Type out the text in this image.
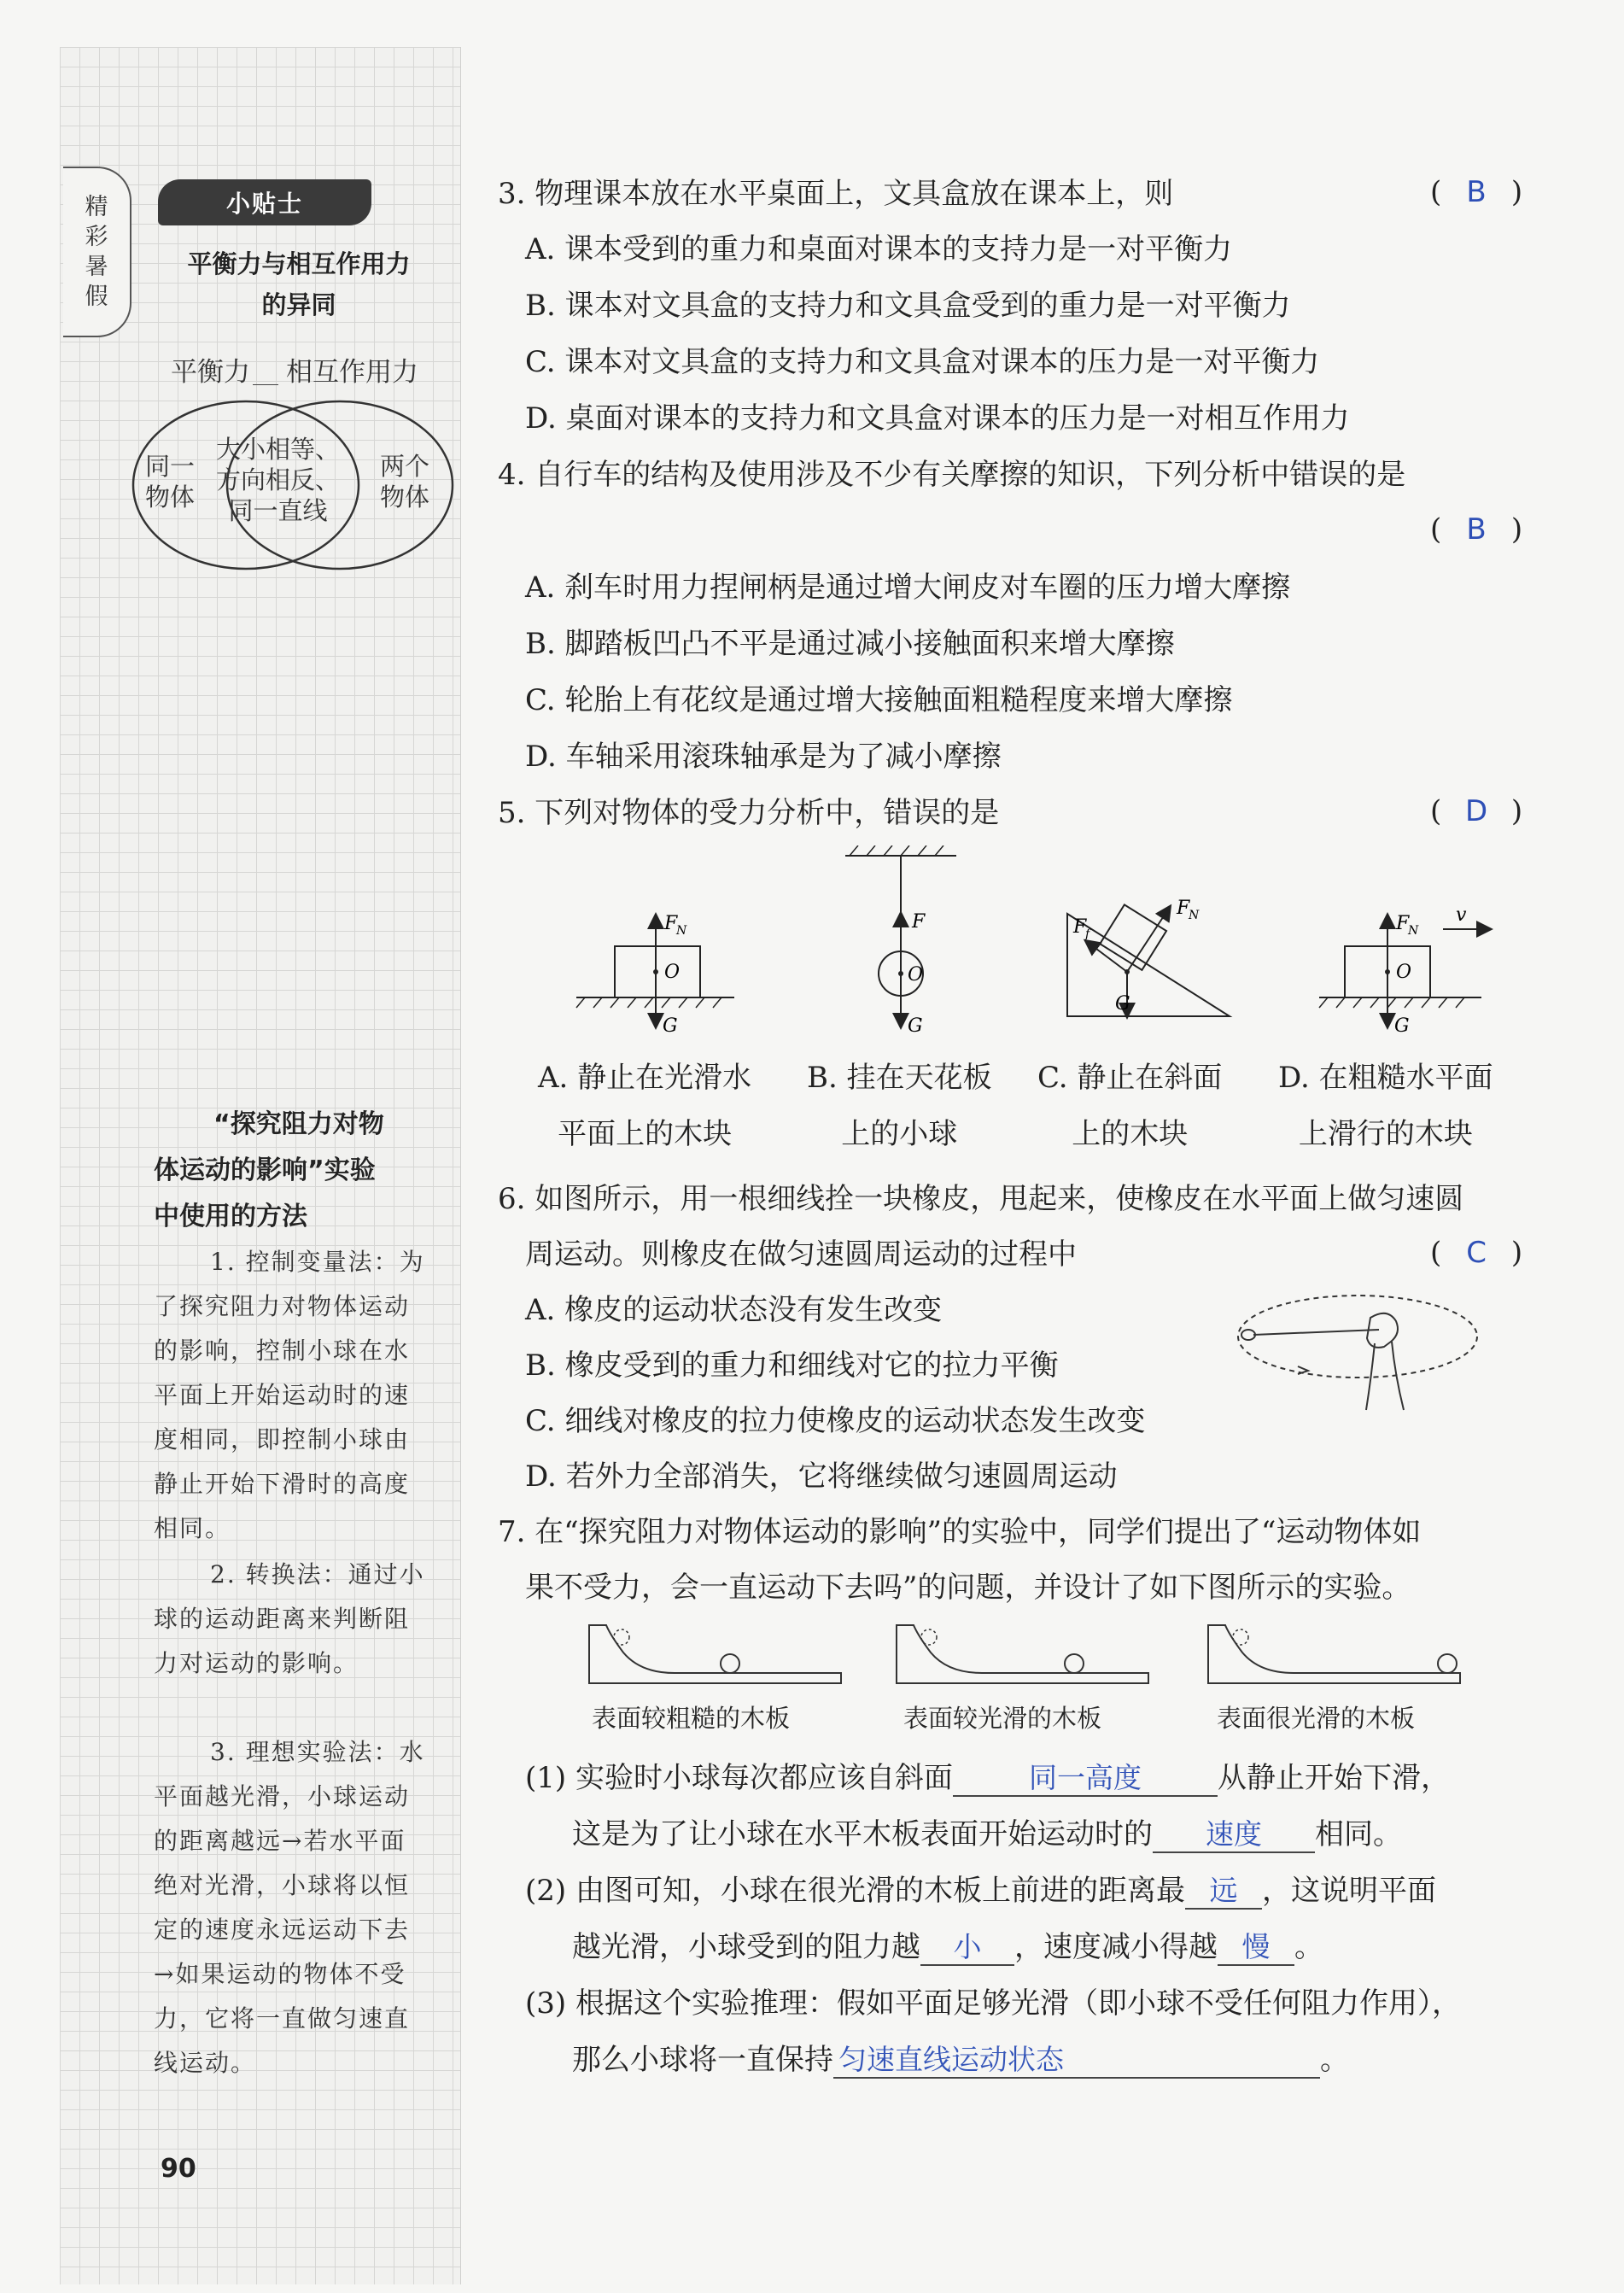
精
彩
暑
假
小贴士
平衡力与相互作用力
的异同
平衡力 相互作用力
同一
物体
大小相等、
方向相反、
同一直线
两个
物体
“探究阻力对物
体运动的影响”实验
中使用的方法
1. 控制变量法：为了探究阻力对物体运动的影响，控制小球在水平面上开始运动时的速度相同，即控制小球由静止开始下滑时的高度相同。
2. 转换法：通过小球的运动距离来判断阻力对运动的影响。
3. 理想实验法：水平面越光滑，小球运动的距离越远→若水平面绝对光滑，小球将以恒定的速度永远运动下去→如果运动的物体不受力，它将一直做匀速直线运动。
90
3. 物理课本放在水平桌面上，文具盒放在课本上，则	( B )
A. 课本受到的重力和桌面对课本的支持力是一对平衡力
B. 课本对文具盒的支持力和文具盒受到的重力是一对平衡力
C. 课本对文具盒的支持力和文具盒对课本的压力是一对平衡力
D. 桌面对课本的支持力和文具盒对课本的压力是一对相互作用力
4. 自行车的结构及使用涉及不少有关摩擦的知识，下列分析中错误的是
( B )
A. 刹车时用力捏闸柄是通过增大闸皮对车圈的压力增大摩擦
B. 脚踏板凹凸不平是通过减小接触面积来增大摩擦
C. 轮胎上有花纹是通过增大接触面粗糙程度来增大摩擦
D. 车轴采用滚珠轴承是为了减小摩擦
5. 下列对物体的受力分析中，错误的是	( D )
F
N
O
G
F
O
G
F
N
F
f
G
F
N
O
G
v
A. 静止在光滑水
平面上的木块
B. 挂在天花板
上的小球
C. 静止在斜面
上的木块
D. 在粗糙水平面
上滑行的木块
6. 如图所示，用一根细线拴一块橡皮，甩起来，使橡皮在水平面上做匀速圆
周运动。则橡皮在做匀速圆周运动的过程中	( C )
A. 橡皮的运动状态没有发生改变
B. 橡皮受到的重力和细线对它的拉力平衡
C. 细线对橡皮的拉力使橡皮的运动状态发生改变
D. 若外力全部消失，它将继续做匀速圆周运动
7. 在“探究阻力对物体运动的影响”的实验中，同学们提出了“运动物体如
果不受力，会一直运动下去吗”的问题，并设计了如下图所示的实验。
表面较粗糙的木板	表面较光滑的木板	表面很光滑的木板
(1) 实验时小球每次都应该自斜面	同一高度	从静止开始下滑，
这是为了让小球在水平木板表面开始运动时的 速度 相同。
(2) 由图可知，小球在很光滑的木板上前进的距离最 远 ，这说明平面
越光滑，小球受到的阻力越 小 ，速度减小得越 慢 。
(3) 根据这个实验推理：假如平面足够光滑（即小球不受任何阻力作用），
那么小球将一直保持 匀速直线运动状态	。
